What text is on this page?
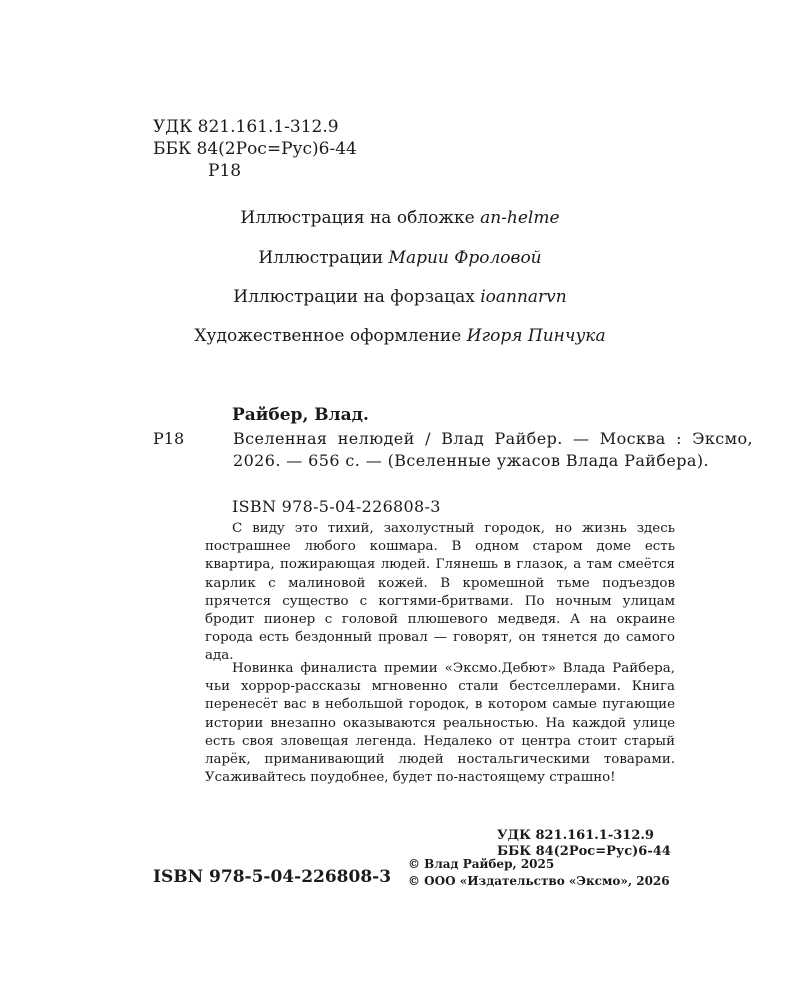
УДК 821.161.1-312.9
ББК 84(2Рос=Рус)6-44
Р18
Иллюстрация на обложке an-helme
Иллюстрации Марии Фроловой
Иллюстрации на форзацах ioannarvn
Художественное оформление Игоря Пинчука
Райбер, Влад.
Р18	Вселенная нелюдей / Влад Райбер. — Москва : Эксмо, 2026. — 656 с. — (Вселенные ужасов Влада Райбера).
ISBN 978-5-04-226808-3

С виду это тихий, захолустный городок, но жизнь здесь пострашнее любого кошмара. В одном старом доме есть квартира, пожирающая людей. Глянешь в глазок, а там смеётся карлик с малиновой кожей. В кромешной тьме подъездов прячется существо с когтями-бритвами. По ночным улицам бродит пионер с головой плюшевого медведя. А на окраине города есть бездонный провал — говорят, он тянется до самого ада.

Новинка финалиста премии «Эксмо.Дебют» Влада Райбера, чьи хоррор-рассказы мгновенно стали бестселлерами. Книга перенесёт вас в небольшой городок, в котором самые пугающие истории внезапно оказываются реальностью. На каждой улице есть своя зловещая легенда. Недалеко от центра стоит старый ларёк, приманивающий людей ностальгическими товарами. Усаживайтесь поудобнее, будет по-настоящему страшно!

УДК 821.161.1-312.9
ББК 84(2Рос=Рус)6-44
ISBN 978-5-04-226808-3
© Влад Райбер, 2025
© ООО «Издательство «Эксмо», 2026
